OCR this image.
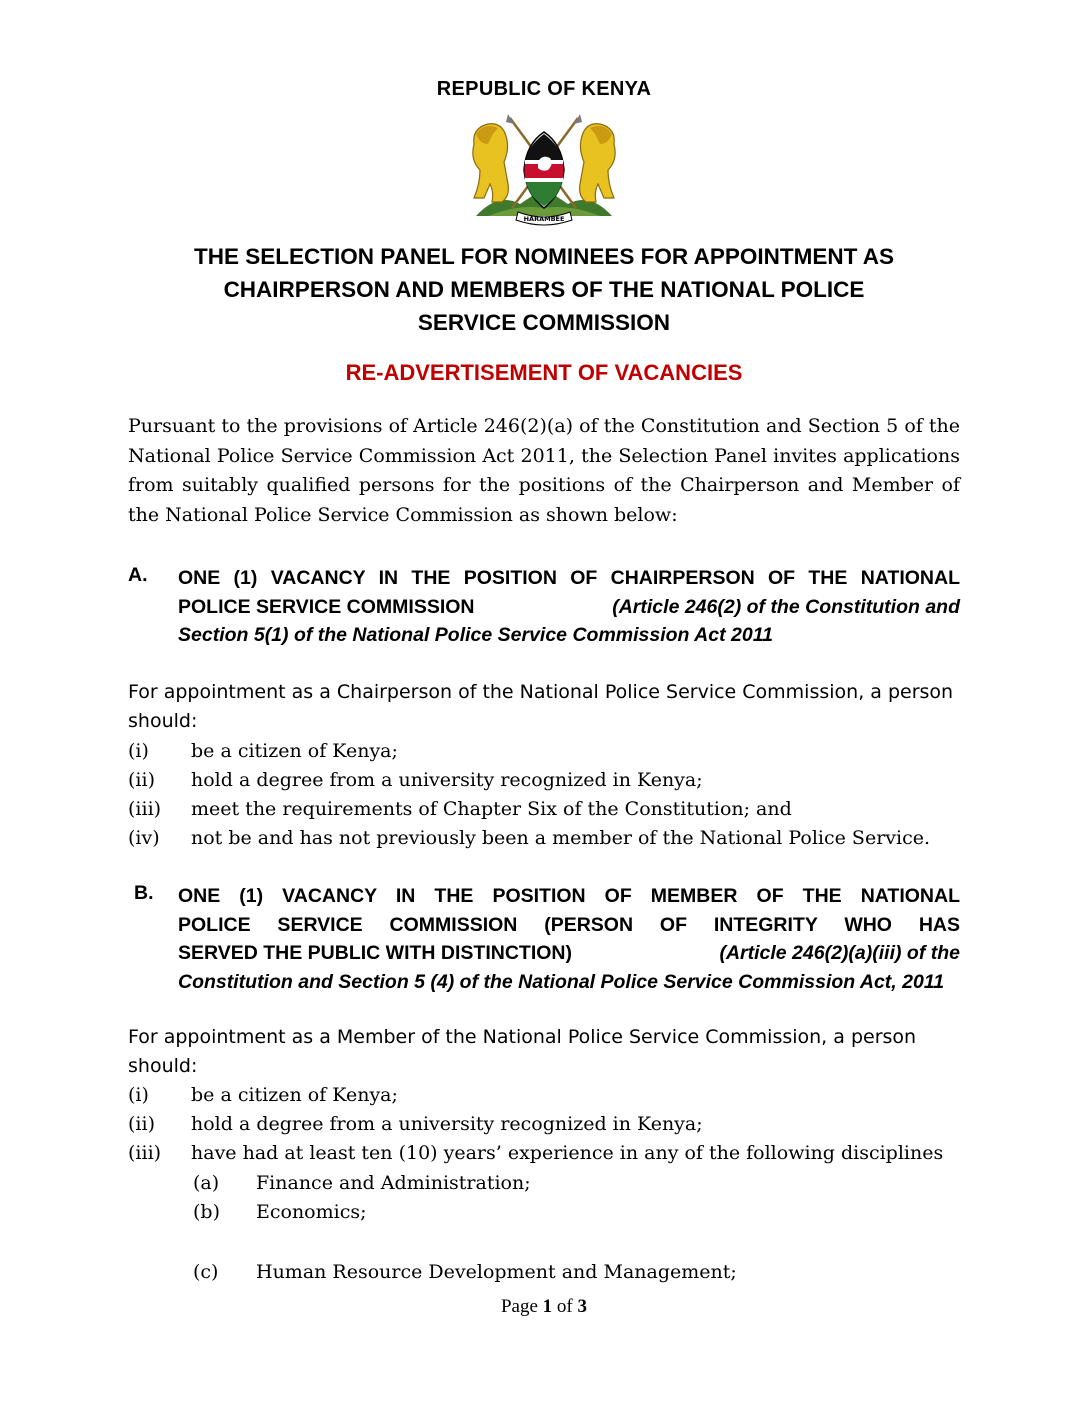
REPUBLIC OF KENYA
HARAMBEE
THE SELECTION PANEL FOR NOMINEES FOR APPOINTMENT AS
CHAIRPERSON AND MEMBERS OF THE NATIONAL POLICE
SERVICE COMMISSION
RE-ADVERTISEMENT OF VACANCIES
Pursuant to the provisions of Article 246(2)(a) of the Constitution and Section 5 of the National Police Service Commission Act 2011, the Selection Panel invites applications from suitably qualified persons for the positions of the Chairperson and Member of the National Police Service Commission as shown below:
A. ONE (1) VACANCY IN THE POSITION OF CHAIRPERSON OF THE NATIONAL
POLICE SERVICE COMMISSION	(Article 246(2) of the Constitution and
Section 5(1) of the National Police Service Commission Act 2011
For appointment as a Chairperson of the National Police Service Commission, a person
should:
(i) be a citizen of Kenya;
(ii) hold a degree from a university recognized in Kenya;
(iii) meet the requirements of Chapter Six of the Constitution; and
(iv) not be and has not previously been a member of the National Police Service.
B. ONE (1) VACANCY IN THE POSITION OF MEMBER OF THE NATIONAL
POLICE SERVICE COMMISSION (PERSON OF INTEGRITY WHO HAS
SERVED THE PUBLIC WITH DISTINCTION)	(Article 246(2)(a)(iii) of the
Constitution and Section 5 (4) of the National Police Service Commission Act, 2011
For appointment as a Member of the National Police Service Commission, a person
should:
(i) be a citizen of Kenya;
(ii) hold a degree from a university recognized in Kenya;
(iii) have had at least ten (10) years’ experience in any of the following disciplines
(a) Finance and Administration;
(b) Economics;
(c) Human Resource Development and Management;
Page 1 of 3
